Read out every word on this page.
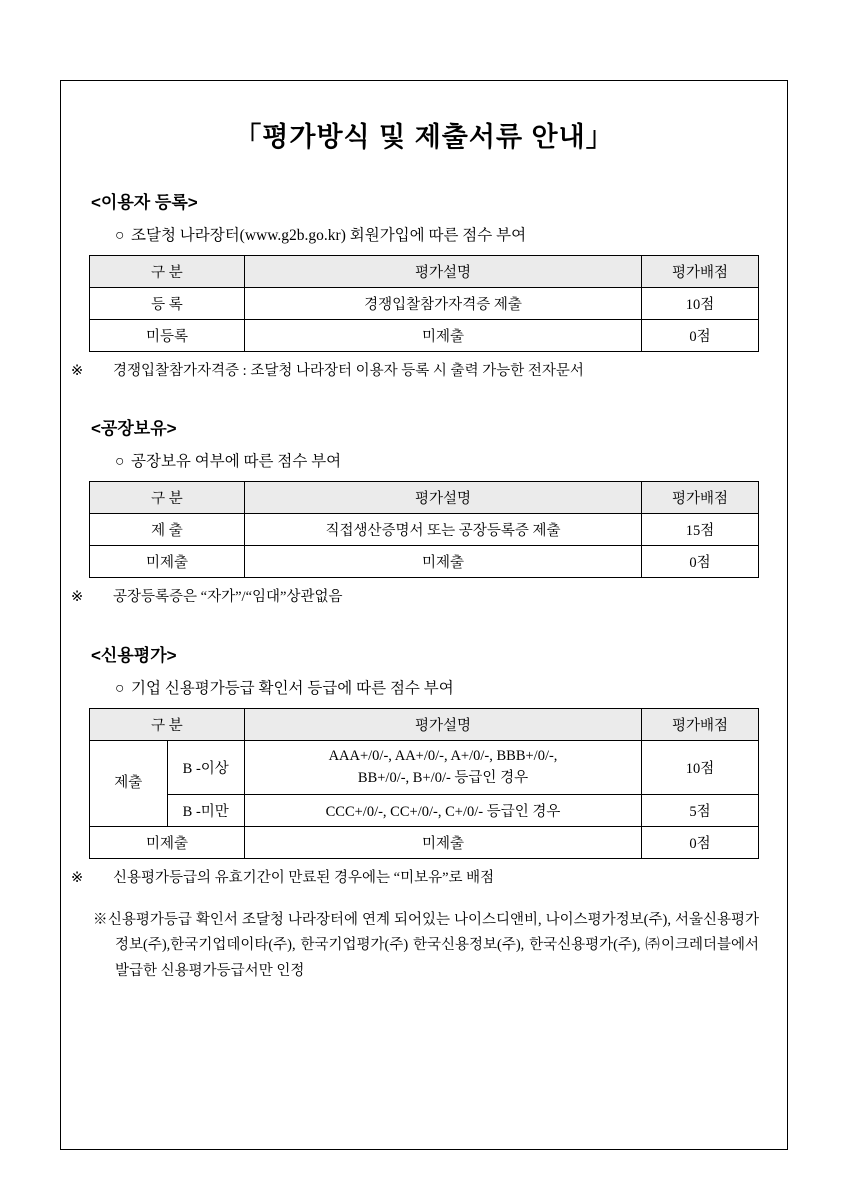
「평가방식 및 제출서류 안내」
<이용자 등록>
○ 조달청 나라장터(www.g2b.go.kr) 회원가입에 따른 점수 부여
구 분	평가설명	평가배점
등 록	경쟁입찰참가자격증 제출	10점
미등록	미제출	0점
※ 경쟁입찰참가자격증 : 조달청 나라장터 이용자 등록 시 출력 가능한 전자문서
<공장보유>
○ 공장보유 여부에 따른 점수 부여
구 분	평가설명	평가배점
제 출	직접생산증명서 또는 공장등록증 제출	15점
미제출	미제출	0점
※ 공장등록증은 “자가”/“임대”상관없음
<신용평가>
○ 기업 신용평가등급 확인서 등급에 따른 점수 부여
구 분		평가설명	평가배점
제출	B -이상	AAA+/0/-, AA+/0/-, A+/0/-, BBB+/0/-,
BB+/0/-, B+/0/- 등급인 경우	10점
	B -미만	CCC+/0/-, CC+/0/-, C+/0/- 등급인 경우	5점
미제출		미제출	0점
※ 신용평가등급의 유효기간이 만료된 경우에는 “미보유”로 배점
※신용평가등급 확인서 조달청 나라장터에 연계 되어있는 나이스디앤비, 나이스평가정보(주), 서울신용평가정보(주),한국기업데이타(주), 한국기업평가(주) 한국신용정보(주), 한국신용평가(주), ㈜이크레더블에서 발급한 신용평가등급서만 인정
